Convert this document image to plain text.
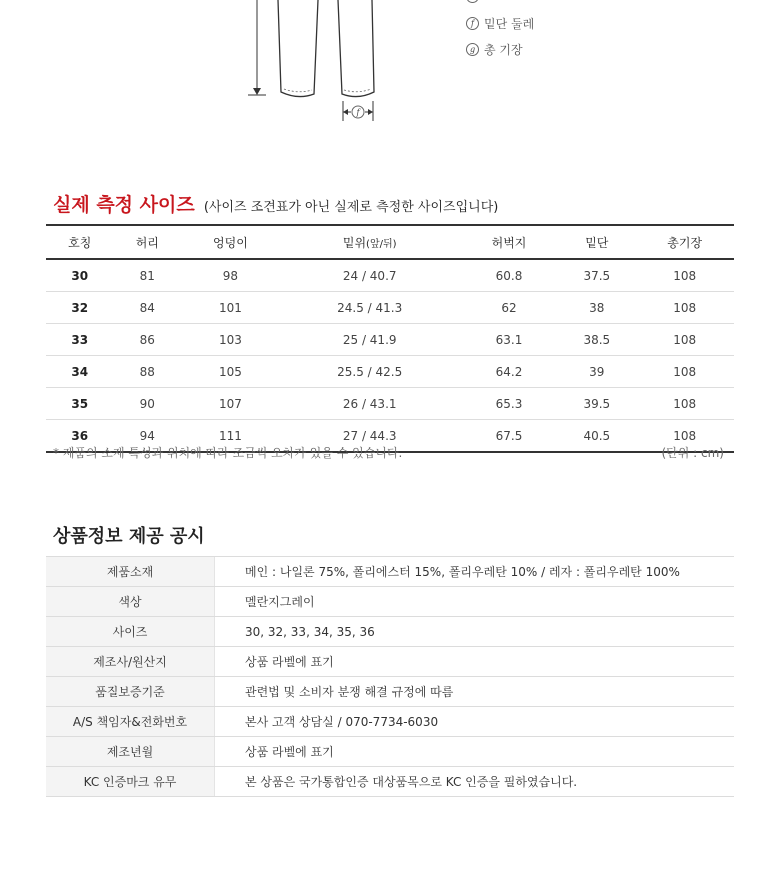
f
f 밑단 둘레
g 총 기장
실제 측정 사이즈 (사이즈 조견표가 아닌 실제로 측정한 사이즈입니다)
호칭	허리	엉덩이	밑위(앞/뒤)	허벅지	밑단	총기장
30	81	98	24 / 40.7	60.8	37.5	108
32	84	101	24.5 / 41.3	62	38	108
33	86	103	25 / 41.9	63.1	38.5	108
34	88	105	25.5 / 42.5	64.2	39	108
35	90	107	26 / 43.1	65.3	39.5	108
36	94	111	27 / 44.3	67.5	40.5	108
* 제품의 소재 특성과 위치에 따라 조금씩 오차가 있을 수 있습니다.	(단위 : cm)
상품정보 제공 공시
제품소재	메인 : 나일론 75%, 폴리에스터 15%, 폴리우레탄 10% / 레자 : 폴리우레탄 100%
색상	멜란지그레이
사이즈	30, 32, 33, 34, 35, 36
제조사/원산지	상품 라벨에 표기
품질보증기준	관련법 및 소비자 분쟁 해결 규정에 따름
A/S 책임자&전화번호	본사 고객 상담실 / 070-7734-6030
제조년월	상품 라벨에 표기
KC 인증마크 유무	본 상품은 국가통합인증 대상품목으로 KC 인증을 필하였습니다.
